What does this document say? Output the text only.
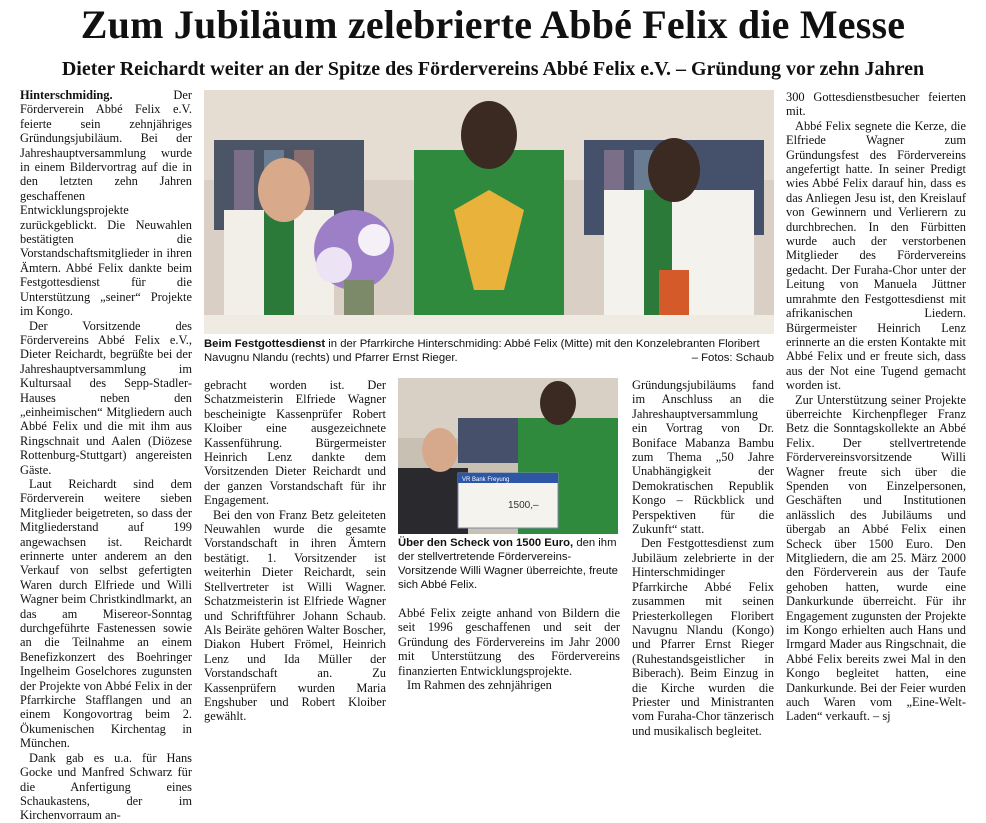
Zum Jubiläum zelebrierte Abbé Felix die Messe
Dieter Reichardt weiter an der Spitze des Fördervereins Abbé Felix e.V. – Gründung vor zehn Jahren

Hinterschmiding.	Der Förderverein Abbé Felix e.V. feierte sein zehnjähriges Gründungsjubiläum. Bei der Jahreshauptversammlung wurde in einem Bildervortrag auf die in den letzten zehn Jahren geschaffenen Entwicklungsprojekte zurückgeblickt. Die Neuwahlen bestätigten die Vorstandschaftsmitglieder in ihren Ämtern. Abbé Felix dankte beim Festgottesdienst für die Unterstützung „seiner“ Projekte im Kongo.

Der Vorsitzende des Fördervereins Abbé Felix e.V., Dieter Reichardt, begrüßte bei der Jahreshauptversammlung im Kultursaal des Sepp-Stadler-Hauses neben den „einheimischen“ Mitgliedern auch Abbé Felix und die mit ihm aus Ringschnait und Aalen (Diözese Rottenburg-Stuttgart) angereisten Gäste.

Laut Reichardt sind dem Förderverein weitere sieben Mitglieder beigetreten, so dass der Mitgliederstand auf 199 angewachsen ist. Reichardt erinnerte unter anderem an den Verkauf von selbst gefertigten Waren durch Elfriede und Willi Wagner beim Christkindlmarkt, an das am Misereor-Sonntag durchgeführte Fastenessen sowie an die Teilnahme an einem Benefizkonzert des Boehringer Ingelheim Goselchores zugunsten der Projekte von Abbé Felix in der Pfarrkirche Stafflangen und an einem Kongovortrag beim 2. Ökumenischen Kirchentag in München.

Dank gab es u.a. für Hans Gocke und Manfred Schwarz für die Anfertigung eines Schaukastens, der im Kirchenvorraum an-

Beim Festgottesdienst in der Pfarrkirche Hinterschmiding: Abbé Felix (Mitte) mit den Konzelebranten Floribert Navugnu Nlandu (rechts) und Pfarrer Ernst Rieger.	– Fotos: Schaub

gebracht worden ist. Der Schatzmeisterin Elfriede Wagner bescheinigte Kassenprüfer Robert Kloiber eine ausgezeichnete Kassenführung. Bürgermeister Heinrich Lenz dankte dem Vorsitzenden Dieter Reichardt und der ganzen Vorstandschaft für ihr Engagement.

Bei den von Franz Betz geleiteten Neuwahlen wurde die gesamte Vorstandschaft in ihren Ämtern bestätigt. 1. Vorsitzender ist weiterhin Dieter Reichardt, sein Stellvertreter ist Willi Wagner. Schatzmeisterin ist Elfriede Wagner und Schriftführer Johann Schaub. Als Beiräte gehören Walter Boscher, Diakon Hubert Frömel, Heinrich Lenz und Ida Müller der Vorstandschaft an. Zu Kassenprüfern wurden Maria Engshuber und Robert Kloiber gewählt.

VR Bank Freyung
1500,–
Über den Scheck von 1500 Euro, den ihm der stellvertretende Fördervereins-Vorsitzende Willi Wagner überreichte, freute sich Abbé Felix.

Abbé Felix zeigte anhand von Bildern die seit 1996 geschaffenen und seit der Gründung des Fördervereins im Jahr 2000 mit Unterstützung des Fördervereins finanzierten Entwicklungsprojekte.

Im Rahmen des zehnjährigen

Gründungsjubiläums fand im Anschluss an die Jahreshauptversammlung ein Vortrag von Dr. Boniface Mabanza Bambu zum Thema „50 Jahre Unabhängigkeit der Demokratischen Republik Kongo – Rückblick und Perspektiven für die Zukunft“ statt.

Den Festgottesdienst zum Jubiläum zelebrierte in der Hinterschmidinger Pfarrkirche Abbé Felix zusammen mit seinen Priesterkollegen Floribert Navugnu Nlandu (Kongo) und Pfarrer Ernst Rieger (Ruhestandsgeistlicher in Biberach). Beim Einzug in die Kirche wurden die Priester und Ministranten vom Furaha-Chor tänzerisch und musikalisch begleitet.

300 Gottesdienstbesucher feierten mit.

Abbé Felix segnete die Kerze, die Elfriede Wagner zum Gründungsfest des Fördervereins angefertigt hatte. In seiner Predigt wies Abbé Felix darauf hin, dass es das Anliegen Jesu ist, den Kreislauf von Gewinnern und Verlierern zu durchbrechen. In den Fürbitten wurde auch der verstorbenen Mitglieder des Fördervereins gedacht. Der Furaha-Chor unter der Leitung von Manuela Jüttner umrahmte den Festgottesdienst mit afrikanischen Liedern. Bürgermeister Heinrich Lenz erinnerte an die ersten Kontakte mit Abbé Felix und er freute sich, dass aus der Not eine Tugend gemacht worden ist.

Zur Unterstützung seiner Projekte überreichte Kirchenpfleger Franz Betz die Sonntagskollekte an Abbé Felix. Der stellvertretende Fördervereinsvorsitzende Willi Wagner freute sich über die Spenden von Einzelpersonen, Geschäften und Institutionen anlässlich des Jubiläums und übergab an Abbé Felix einen Scheck über 1500 Euro. Den Mitgliedern, die am 25. März 2000 den Förderverein aus der Taufe gehoben hatten, wurde eine Dankurkunde überreicht. Für ihr Engagement zugunsten der Projekte im Kongo erhielten auch Hans und Irmgard Mader aus Ringschnait, die Abbé Felix bereits zwei Mal in den Kongo begleitet hatten, eine Dankurkunde. Bei der Feier wurden auch Waren vom „Eine-Welt-Laden“ verkauft. – sj
